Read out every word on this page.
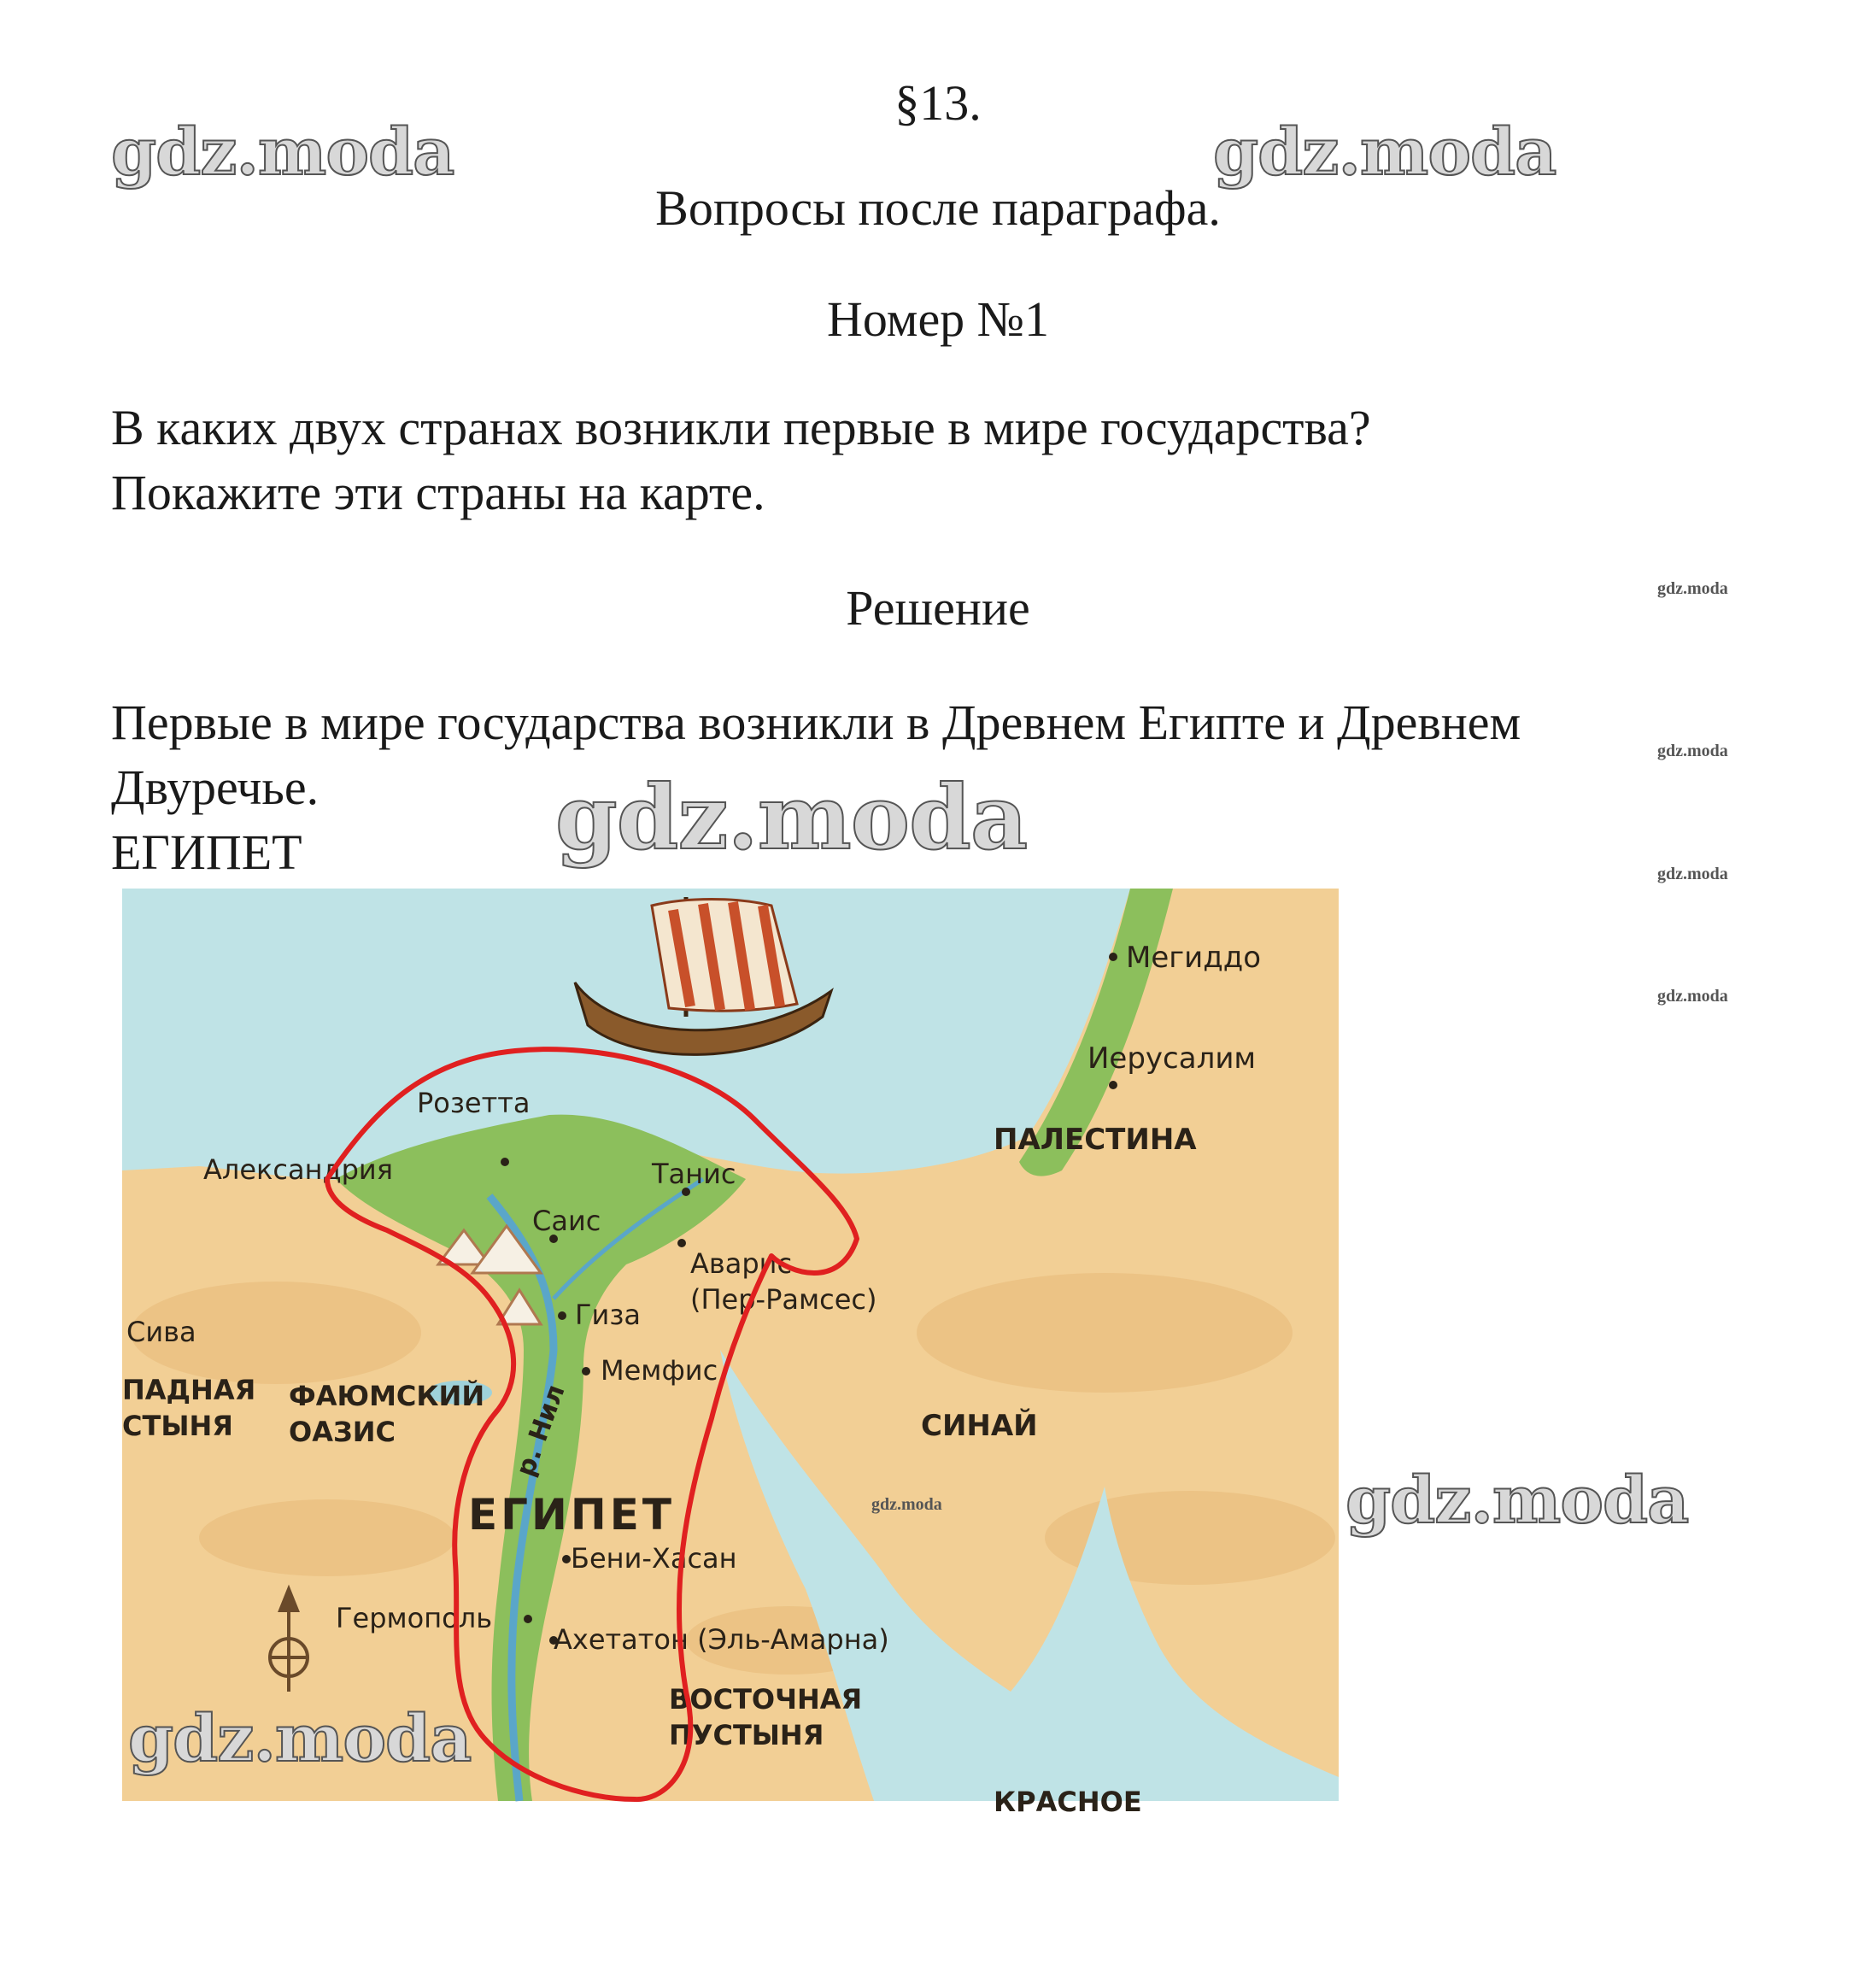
§13.
Вопросы после параграфа.
Номер №1
В каких двух странах возникли первые в мире государства?
Покажите эти страны на карте.
Решение
Первые в мире государства возникли в Древнем Египте и Древнем
Двуречье.
ЕГИПЕТ
Мегиддо
Иерусалим
ПАЛЕСТИНА
Розетта
Александрия	Танис
Саис
Аварис
(Пер-Рамсес)
Сива
Гиза
Мемфис
ПАДНАЯ
СТЫНЯ
ФАЮМСКИЙ
ОАЗИС	р. Нил	СИНАЙ
ЕГИПЕТ
Бени-Хасан
Гермополь
Ахетатон (Эль-Амарна)
ВОСТОЧНАЯ
ПУСТЫНЯ
КРАСНОЕ
gdz.moda	gdz.moda
gdz.moda
gdz.moda
gdz.moda
gdz.moda
gdz.moda
gdz.moda
gdz.moda
gdz.moda
